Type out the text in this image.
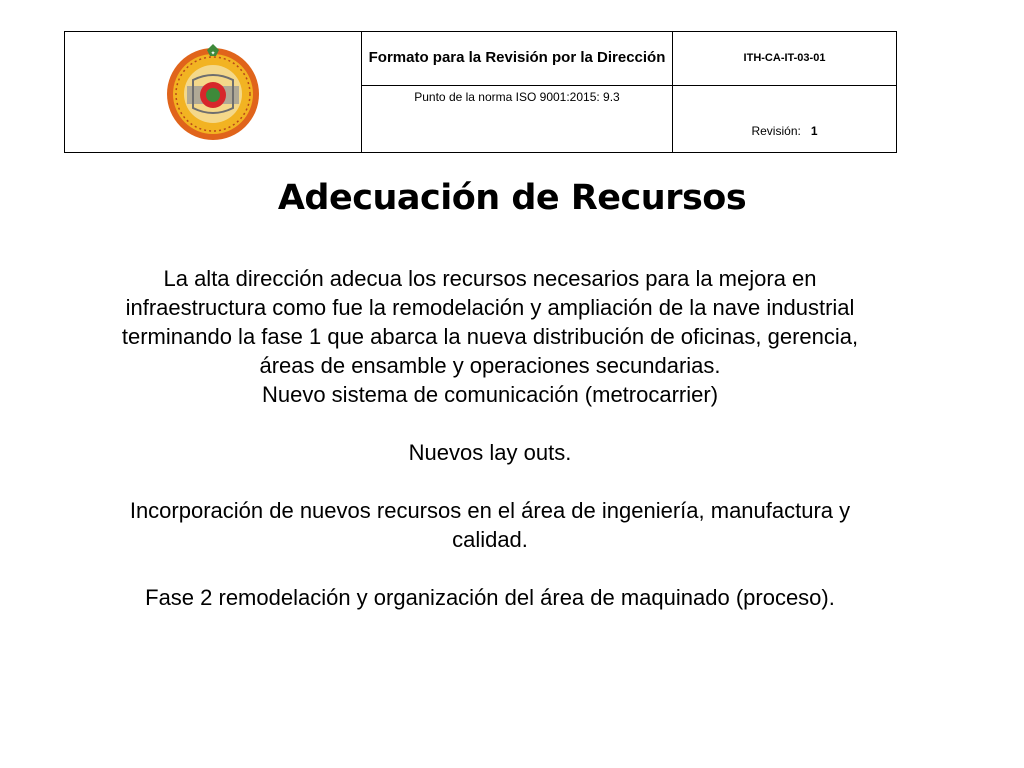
✦	Formato para la Revisión por la Dirección	ITH-CA-IT-03-01
	Punto de la norma ISO 9001:2015: 9.3	Revisión: 1
Adecuación de Recursos

La alta dirección adecua los recursos necesarios para la mejora en infraestructura como fue la remodelación y ampliación de la nave industrial terminando la fase 1 que abarca la nueva distribución de oficinas, gerencia, áreas de ensamble y operaciones secundarias.

Nuevo sistema de comunicación (metrocarrier)

Nuevos lay outs.

Incorporación de nuevos recursos en el área de ingeniería, manufactura y calidad.

Fase 2 remodelación y organización del área de maquinado (proceso).
